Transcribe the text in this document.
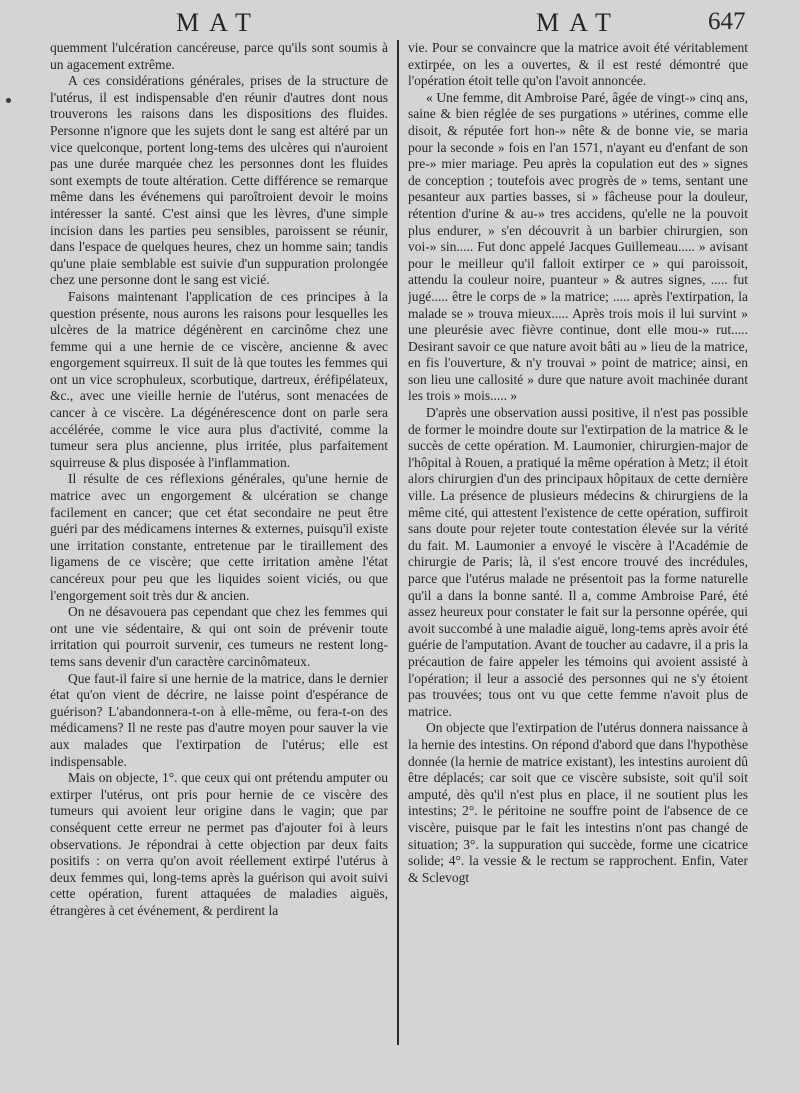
MAT	MAT	647

quemment l'ulcération cancéreuse, parce qu'ils sont soumis à un agacement extrême.

A ces considérations générales, prises de la structure de l'utérus, il est indispensable d'en réunir d'autres dont nous trouverons les raisons dans les dispositions des fluides. Personne n'ignore que les sujets dont le sang est altéré par un vice quelconque, portent long-tems des ulcères qui n'auroient pas une durée marquée chez les personnes dont les fluides sont exempts de toute altération. Cette différence se remarque même dans les événemens qui paroîtroient devoir le moins intéresser la santé. C'est ainsi que les lèvres, d'une simple incision dans les parties peu sensibles, paroissent se réunir, dans l'espace de quelques heures, chez un homme sain; tandis qu'une plaie semblable est suivie d'un suppuration prolongée chez une personne dont le sang est vicié.

Faisons maintenant l'application de ces principes à la question présente, nous aurons les raisons pour lesquelles les ulcères de la matrice dégénèrent en carcinôme chez une femme qui a une hernie de ce viscère, ancienne & avec engorgement squirreux. Il suit de là que toutes les femmes qui ont un vice scrophuleux, scorbutique, dartreux, éréfipélateux, &c., avec une vieille hernie de l'utérus, sont menacées de cancer à ce viscère. La dégénérescence dont on parle sera accélérée, comme le vice aura plus d'activité, comme la tumeur sera plus ancienne, plus irritée, plus parfaitement squirreuse & plus disposée à l'inflammation.

Il résulte de ces réflexions générales, qu'une hernie de matrice avec un engorgement & ulcération se change facilement en cancer; que cet état secondaire ne peut être guéri par des médicamens internes & externes, puisqu'il existe une irritation constante, entretenue par le tiraillement des ligamens de ce viscère; que cette irritation amène l'état cancéreux pour peu que les liquides soient viciés, ou que l'engorgement soit très dur & ancien.

On ne désavouera pas cependant que chez les femmes qui ont une vie sédentaire, & qui ont soin de prévenir toute irritation qui pourroit survenir, ces tumeurs ne restent long-tems sans devenir d'un caractère carcinômateux.

Que faut-il faire si une hernie de la matrice, dans le dernier état qu'on vient de décrire, ne laisse point d'espérance de guérison? L'abandonnera-t-on à elle-même, ou fera-t-on des médicamens? Il ne reste pas d'autre moyen pour sauver la vie aux malades que l'extirpation de l'utérus; elle est indispensable.

Mais on objecte, 1°. que ceux qui ont prétendu amputer ou extirper l'utérus, ont pris pour hernie de ce viscère des tumeurs qui avoient leur origine dans le vagin; que par conséquent cette erreur ne permet pas d'ajouter foi à leurs observations. Je répondrai à cette objection par deux faits positifs : on verra qu'on avoit réellement extirpé l'utérus à deux femmes qui, long-tems après la guérison qui avoit suivi cette opération, furent attaquées de maladies aiguës, étrangères à cet événement, & perdirent la

vie. Pour se convaincre que la matrice avoit été véritablement extirpée, on les a ouvertes, & il est resté démontré que l'opération étoit telle qu'on l'avoit annoncée.

« Une femme, dit Ambroise Paré, âgée de vingt-» cinq ans, saine & bien réglée de ses purgations » utérines, comme elle disoit, & réputée fort hon-» nête & de bonne vie, se maria pour la seconde » fois en l'an 1571, n'ayant eu d'enfant de son pre-» mier mariage. Peu après la copulation eut des » signes de conception ; toutefois avec progrès de » tems, sentant une pesanteur aux parties basses, si » fâcheuse pour la douleur, rétention d'urine & au-» tres accidens, qu'elle ne la pouvoit plus endurer, » s'en découvrit à un barbier chirurgien, son voi-» sin..... Fut donc appelé Jacques Guillemeau..... » avisant pour le meilleur qu'il falloit extirper ce » qui paroissoit, attendu la couleur noire, puanteur » & autres signes, ..... fut jugé..... être le corps de » la matrice; ..... après l'extirpation, la malade se » trouva mieux..... Après trois mois il lui survint » une pleurésie avec fièvre continue, dont elle mou-» rut..... Desirant savoir ce que nature avoit bâti au » lieu de la matrice, en fis l'ouverture, & n'y trouvai » point de matrice; ainsi, en son lieu une callosité » dure que nature avoit machinée durant les trois » mois..... »

D'après une observation aussi positive, il n'est pas possible de former le moindre doute sur l'extirpation de la matrice & le succès de cette opération. M. Laumonier, chirurgien-major de l'hôpital à Rouen, a pratiqué la même opération à Metz; il étoit alors chirurgien d'un des principaux hôpitaux de cette dernière ville. La présence de plusieurs médecins & chirurgiens de la même cité, qui attestent l'existence de cette opération, suffiroit sans doute pour rejeter toute contestation élevée sur la vérité du fait. M. Laumonier a envoyé le viscère à l'Académie de chirurgie de Paris; là, il s'est encore trouvé des incrédules, parce que l'utérus malade ne présentoit pas la forme naturelle qu'il a dans la bonne santé. Il a, comme Ambroise Paré, été assez heureux pour constater le fait sur la personne opérée, qui avoit succombé à une maladie aiguë, long-tems après avoir été guérie de l'amputation. Avant de toucher au cadavre, il a pris la précaution de faire appeler les témoins qui avoient assisté à l'opération; il leur a associé des personnes qui ne s'y étoient pas trouvées; tous ont vu que cette femme n'avoit plus de matrice.

On objecte que l'extirpation de l'utérus donnera naissance à la hernie des intestins. On répond d'abord que dans l'hypothèse donnée (la hernie de matrice existant), les intestins auroient dû être déplacés; car soit que ce viscère subsiste, soit qu'il soit amputé, dès qu'il n'est plus en place, il ne soutient plus les intestins; 2°. le péritoine ne souffre point de l'absence de ce viscère, puisque par le fait les intestins n'ont pas changé de situation; 3°. la suppuration qui succède, forme une cicatrice solide; 4°. la vessie & le rectum se rapprochent. Enfin, Vater & Sclevogt
